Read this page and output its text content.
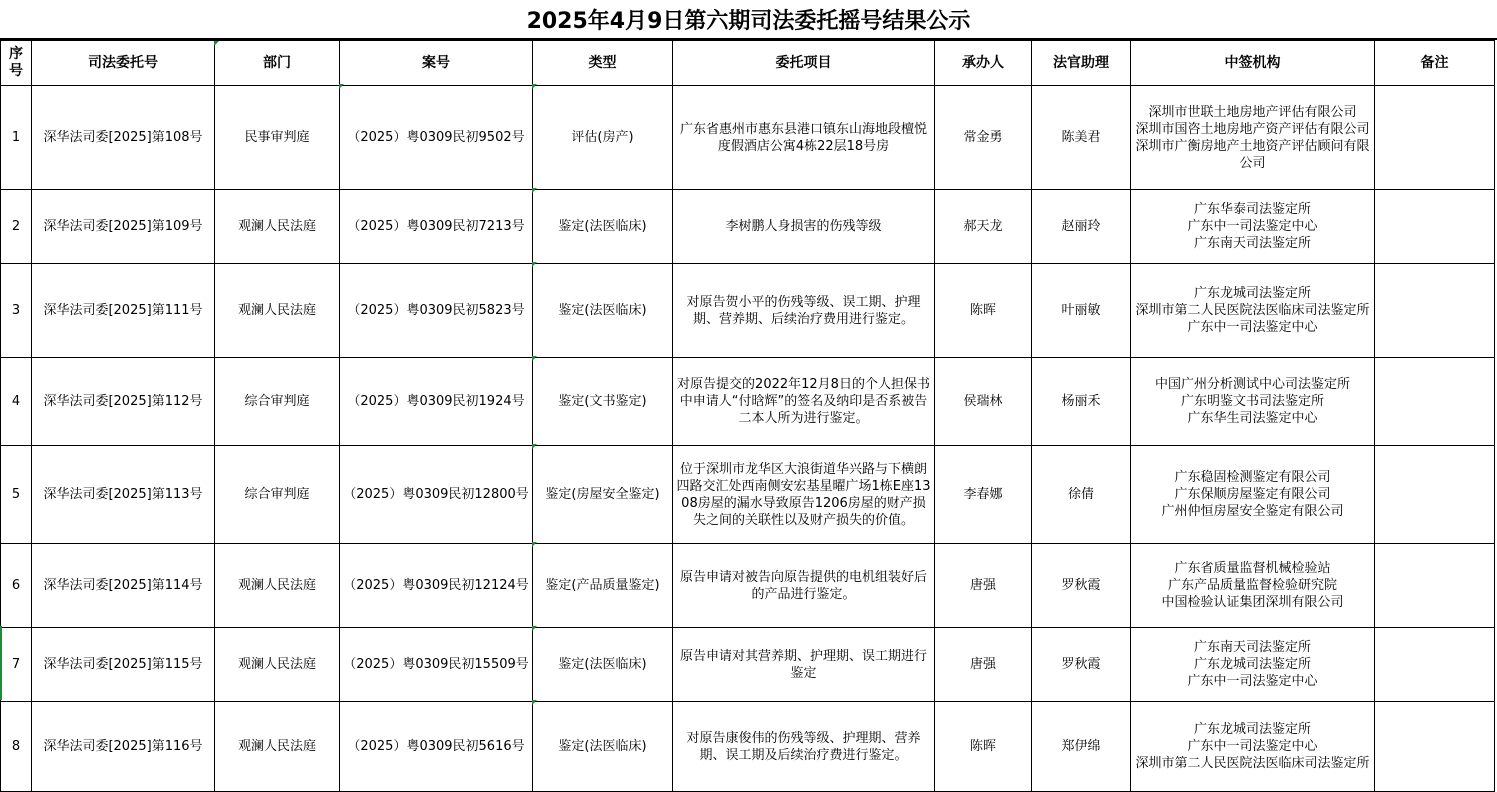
2025年4月9日第六期司法委托摇号结果公示
序号	司法委托号	部门	案号	类型	委托项目	承办人	法官助理	中签机构	备注
1	深华法司委[2025]第108号	民事审判庭	（2025）粤0309民初9502号	评估(房产)	广东省惠州市惠东县港口镇东山海地段檀悦度假酒店公寓4栋22层18号房	常金勇	陈美君	深圳市世联土地房地产评估有限公司
深圳市国咨土地房地产资产评估有限公司
深圳市广衡房地产土地资产评估顾问有限公司	

2	深华法司委[2025]第109号	观澜人民法庭	（2025）粤0309民初7213号	鉴定(法医临床)	李树鹏人身损害的伤残等级	郝天龙	赵丽玲	广东华泰司法鉴定所
广东中一司法鉴定中心
广东南天司法鉴定所	

3	深华法司委[2025]第111号	观澜人民法庭	（2025）粤0309民初5823号	鉴定(法医临床)	对原告贺小平的伤残等级、误工期、护理期、营养期、后续治疗费用进行鉴定。	陈晖	叶丽敏	广东龙城司法鉴定所
深圳市第二人民医院法医临床司法鉴定所
广东中一司法鉴定中心	

4	深华法司委[2025]第112号	综合审判庭	（2025）粤0309民初1924号	鉴定(文书鉴定)	对原告提交的2022年12月8日的个人担保书中申请人“付晗辉”的签名及纳印是否系被告二本人所为进行鉴定。	侯瑞林	杨丽禾	中国广州分析测试中心司法鉴定所
广东明鉴文书司法鉴定所
广东华生司法鉴定中心	

5	深华法司委[2025]第113号	综合审判庭	（2025）粤0309民初12800号	鉴定(房屋安全鉴定)	位于深圳市龙华区大浪街道华兴路与下横朗四路交汇处西南侧安宏基星曜广场1栋E座1308房屋的漏水导致原告1206房屋的财产损失之间的关联性以及财产损失的价值。	李春娜	徐倩	广东稳固检测鉴定有限公司
广东保顺房屋鉴定有限公司
广州仲恒房屋安全鉴定有限公司	

6	深华法司委[2025]第114号	观澜人民法庭	（2025）粤0309民初12124号	鉴定(产品质量鉴定)	原告申请对被告向原告提供的电机组装好后的产品进行鉴定。	唐强	罗秋霞	广东省质量监督机械检验站
广东产品质量监督检验研究院
中国检验认证集团深圳有限公司	

7	深华法司委[2025]第115号	观澜人民法庭	（2025）粤0309民初15509号	鉴定(法医临床)	原告申请对其营养期、护理期、误工期进行鉴定	唐强	罗秋霞	广东南天司法鉴定所
广东龙城司法鉴定所
广东中一司法鉴定中心	

8	深华法司委[2025]第116号	观澜人民法庭	（2025）粤0309民初5616号	鉴定(法医临床)	对原告康俊伟的伤残等级、护理期、营养期、误工期及后续治疗费进行鉴定。	陈晖	郑伊绵	广东龙城司法鉴定所
广东中一司法鉴定中心
深圳市第二人民医院法医临床司法鉴定所	
